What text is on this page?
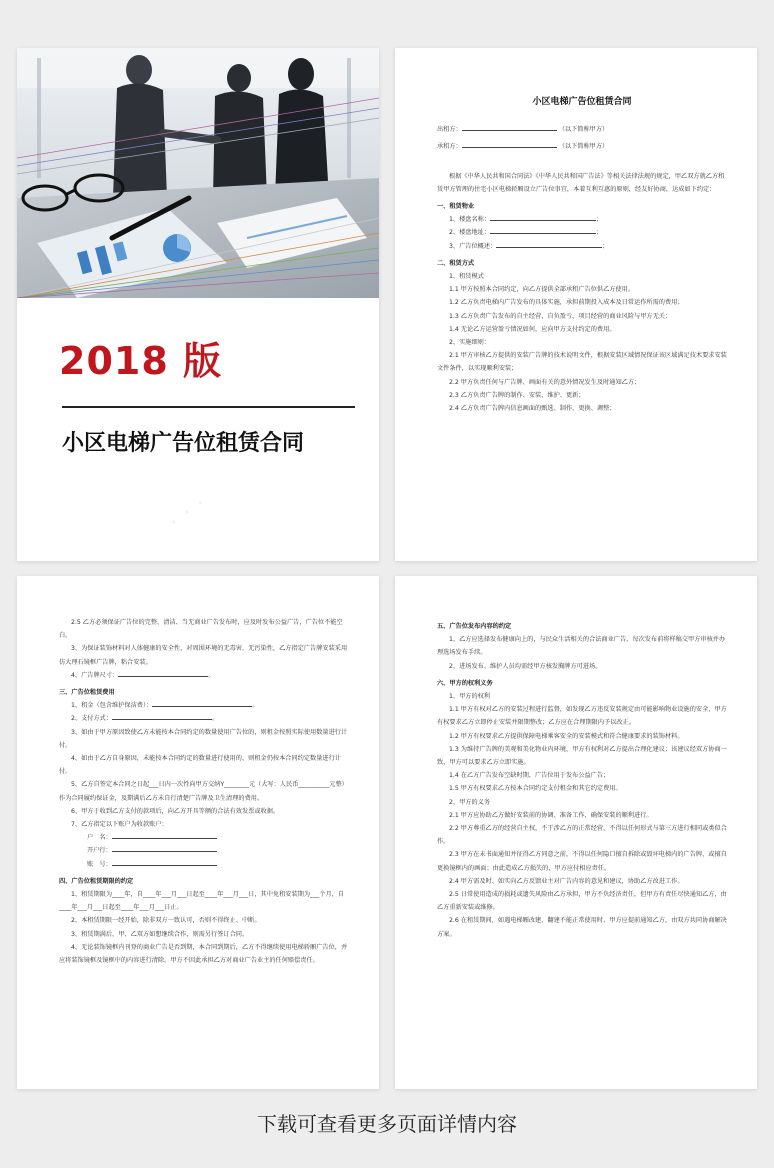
· · ·
2018 版
小区电梯广告位租赁合同

小区电梯广告位租赁合同

出租方：	（以下简称甲方）

承租方：	（以下简称甲方）

根据《中华人民共和国合同法》《中华人民共和国广告法》等相关法律法规的规定，甲乙双方就乙方租赁甲方管理的住宅小区电梯轿厢设立广告位事宜，本着互利互惠的原则，经友好协商，达成如下约定：

一、租赁物业

1、楼盘名称：	；

2、楼盘地址：	；

3、广告位概述：	；

二、租赁方式

1、租赁模式

1.1 甲方按照本合同约定，向乙方提供全部承租广告位供乙方使用。

1.2 乙方负责电梯内广告发布的具体实施，承担前期投入成本及日常运作所需的费用；

1.3 乙方负责广告发布的自主经营，自负盈亏，项目经营的商业风险与甲方无关；

1.4 无论乙方运营盈亏情况如何，应向甲方支付约定的费用。

2、实施细则：

2.1 甲方审核乙方提供的安装广告牌的技术说明文件，根据安装区域情况保证该区域满足技术要求安装文件条件，以实现顺利安装；

2.2 甲方负责任何与广告牌、画面有关的意外情况发生及时通知乙方；

2.3 乙方负责广告牌的制作、安装、维护、更新；

2.4 乙方负责广告牌内信息画面的甄选、制作、更换、调整；

2.5 乙方必须保证广告位的完整、清洁、当无商业广告发布时，应及时发布公益广告，广告位不能空白。

3、为保证装饰材料对人体健康的安全性，对周围环境的无毒害、无污染性，乙方指定广告牌安装采用仿大理石镜框广告牌，粘合安装。

4、广告牌尺寸：	。

三、广告位租赁费用

1、租金（包含维护保洁费）：	。

2、支付方式：	。

3、如由于甲方原因致使乙方未能按本合同约定的数量使用广告位的，则租金按照实际使用数量进行计付。

4、如由于乙方自身原因，未能按本合同约定的数量进行使用的，则租金仍按本合同约定数量进行计付。

5、乙方自签定本合同之日起___日内一次性向甲方交纳Y________元（大写：人民币__________元整）作为合同履约保证金，及期满后乙方未自行清楚广告牌及卫生清理的费用。

6、甲方于收到乙方支付的款项后，向乙方开具等额的合法有效发票或收据。

7、乙方指定以下账户为收款账户：

户　名：

开户行：

账　号：

四、广告位租赁期限的约定

1、租赁期限为____年，自____年___月___日起至____年___月___日，其中免租安装期为___个月，自____年___月___日起至____年___月___日止。

2、本租赁期限一经开始，除非双方一致认可，否则不得终止、中断。

3、租赁期满后，甲、乙双方如想继续合作，则需另行签订合同。

4、无论装饰镜框内刊登的商业广告是否到期，本合同到期后，乙方不得继续使用电梯轿厢广告位，并应将装饰镜框及镜框中的内容进行清除。甲方不因此承担乙方对商业广告业主的任何赔偿责任。

五、广告位发布内容的约定

1、乙方应选择发布健康向上的，与民众生活相关的合法商业广告，每次发布前将样稿交甲方审核并办理选场发布手续。

2、进场发布、维护人员均需经甲方核发胸牌方可进场。

六、甲方的权利义务

1、甲方的权利

1.1 甲方有权对乙方的安装过程进行监督，如发现乙方违反安装规定由可能影响物业设施的安全，甲方有权要求乙方立即停止安装并限期整改；乙方应在合理期限内予以改正。

1.2 甲方有权要求乙方提供保障电梯乘客安全的安装模式和符合健康要求的装饰材料。

1.3 为维持广告牌的美观和美化物业内环境，甲方有权利对乙方提出合理化建议；该建议经双方协商一致，甲方可以要求乙方立即实施。

1.4 在乙方广告发布空缺时期，广告位用于发布公益广告；

1.5 甲方有权要求乙方按本合同约定支付租金和其它约定费用。

2、甲方的义务

2.1 甲方应协助乙方做好安装前的协调、准备工作，确保安装的顺利进行。

2.2 甲方尊重乙方的经营自主权，不干涉乙方的正常经营，不得以任何形式与第三方进行相同或类似合作。

2.3 甲方在未书面通知并征得乙方同意之前，不得以任何隐口擅自拆除或毁坏电梯内的广告牌，或擅自更换镜框内的画面；由此造成乙方损失的，甲方应付相应责任。

2.4 甲方需及时、如实向乙方反馈业主对广告内容的意见和建议，协助乙方改进工作。

2.5 日常使用造成的损耗或遗失风险由乙方承担，甲方不负经济责任，但甲方有责任尽快通知乙方，由乙方重新安装或维修。

2.6 在租赁期间，如遇电梯厢改建、翻建不能正常使用时，甲方应提前通知乙方，由双方共同协商解决方案。

下载可查看更多页面详情内容
